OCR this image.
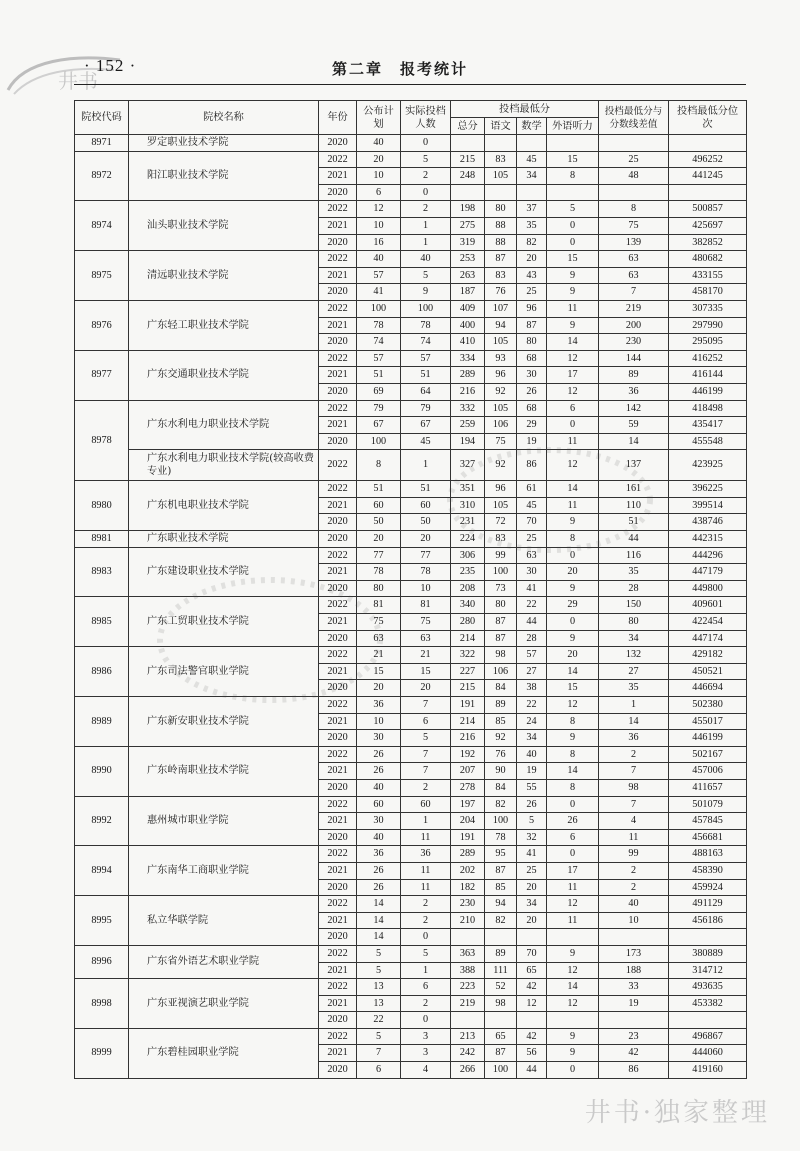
井书
· 152 ·	第二章　报考统计
院校代码	院校名称	年份	公布计划	实际投档人数	投档最低分				投档最低分与分数线差值	投档最低分位次
					总分	语文	数学	外语听力		
8971	罗定职业技术学院	2020	40	0						
8972	阳江职业技术学院	2022	20	5	215	83	45	15	25	496252
		2021	10	2	248	105	34	8	48	441245
		2020	6	0						
8974	汕头职业技术学院	2022	12	2	198	80	37	5	8	500857
		2021	10	1	275	88	35	0	75	425697
		2020	16	1	319	88	82	0	139	382852
8975	清远职业技术学院	2022	40	40	253	87	20	15	63	480682
		2021	57	5	263	83	43	9	63	433155
		2020	41	9	187	76	25	9	7	458170
8976	广东轻工职业技术学院	2022	100	100	409	107	96	11	219	307335
		2021	78	78	400	94	87	9	200	297990
		2020	74	74	410	105	80	14	230	295095
8977	广东交通职业技术学院	2022	57	57	334	93	68	12	144	416252
		2021	51	51	289	96	30	17	89	416144
		2020	69	64	216	92	26	12	36	446199
8978	广东水利电力职业技术学院	2022	79	79	332	105	68	6	142	418498
		2021	67	67	259	106	29	0	59	435417
		2020	100	45	194	75	19	11	14	455548
	广东水利电力职业技术学院(较高收费专业)	2022	8	1	327	92	86	12	137	423925
8980	广东机电职业技术学院	2022	51	51	351	96	61	14	161	396225
		2021	60	60	310	105	45	11	110	399514
		2020	50	50	231	72	70	9	51	438746
8981	广东职业技术学院	2020	20	20	224	83	25	8	44	442315
8983	广东建设职业技术学院	2022	77	77	306	99	63	0	116	444296
		2021	78	78	235	100	30	20	35	447179
		2020	80	10	208	73	41	9	28	449800
8985	广东工贸职业技术学院	2022	81	81	340	80	22	29	150	409601
		2021	75	75	280	87	44	0	80	422454
		2020	63	63	214	87	28	9	34	447174
8986	广东司法警官职业学院	2022	21	21	322	98	57	20	132	429182
		2021	15	15	227	106	27	14	27	450521
		2020	20	20	215	84	38	15	35	446694
8989	广东新安职业技术学院	2022	36	7	191	89	22	12	1	502380
		2021	10	6	214	85	24	8	14	455017
		2020	30	5	216	92	34	9	36	446199
8990	广东岭南职业技术学院	2022	26	7	192	76	40	8	2	502167
		2021	26	7	207	90	19	14	7	457006
		2020	40	2	278	84	55	8	98	411657
8992	惠州城市职业学院	2022	60	60	197	82	26	0	7	501079
		2021	30	1	204	100	5	26	4	457845
		2020	40	11	191	78	32	6	11	456681
8994	广东南华工商职业学院	2022	36	36	289	95	41	0	99	488163
		2021	26	11	202	87	25	17	2	458390
		2020	26	11	182	85	20	11	2	459924
8995	私立华联学院	2022	14	2	230	94	34	12	40	491129
		2021	14	2	210	82	20	11	10	456186
		2020	14	0						
8996	广东省外语艺术职业学院	2022	5	5	363	89	70	9	173	380889
		2021	5	1	388	111	65	12	188	314712
8998	广东亚视演艺职业学院	2022	13	6	223	52	42	14	33	493635
		2021	13	2	219	98	12	12	19	453382
		2020	22	0						
8999	广东碧桂园职业学院	2022	5	3	213	65	42	9	23	496867
		2021	7	3	242	87	56	9	42	444060
		2020	6	4	266	100	44	0	86	419160
井书·独家整理
